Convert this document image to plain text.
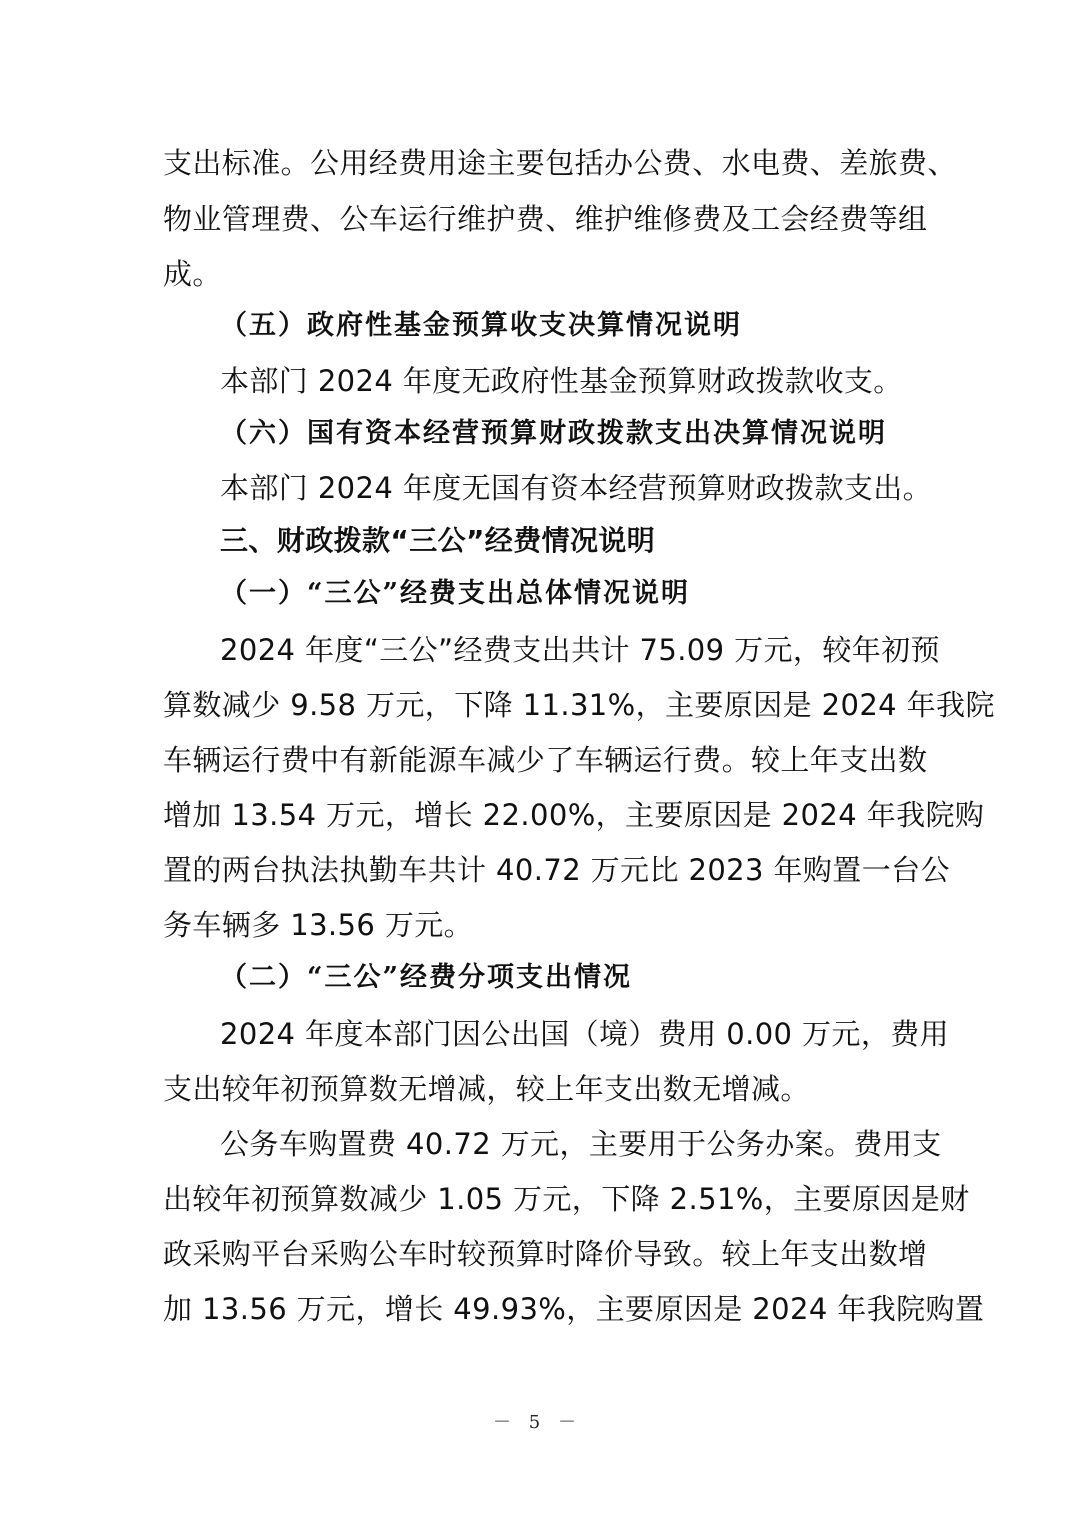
支出标准。公用经费用途主要包括办公费、水电费、差旅费、
物业管理费、公车运行维护费、维护维修费及工会经费等组
成。
（五）政府性基金预算收支决算情况说明
本部门 2024 年度无政府性基金预算财政拨款收支。
（六）国有资本经营预算财政拨款支出决算情况说明
本部门 2024 年度无国有资本经营预算财政拨款支出。
三、财政拨款“三公”经费情况说明
（一）“三公”经费支出总体情况说明
2024 年度“三公”经费支出共计 75.09 万元，较年初预
算数减少 9.58 万元，下降 11.31%，主要原因是 2024 年我院
车辆运行费中有新能源车减少了车辆运行费。较上年支出数
增加 13.54 万元，增长 22.00%，主要原因是 2024 年我院购
置的两台执法执勤车共计 40.72 万元比 2023 年购置一台公
务车辆多 13.56 万元。
（二）“三公”经费分项支出情况
2024 年度本部门因公出国（境）费用 0.00 万元，费用
支出较年初预算数无增减，较上年支出数无增减。
公务车购置费 40.72 万元，主要用于公务办案。费用支
出较年初预算数减少 1.05 万元，下降 2.51%，主要原因是财
政采购平台采购公车时较预算时降价导致。较上年支出数增
加 13.56 万元，增长 49.93%，主要原因是 2024 年我院购置
－ 5 －
